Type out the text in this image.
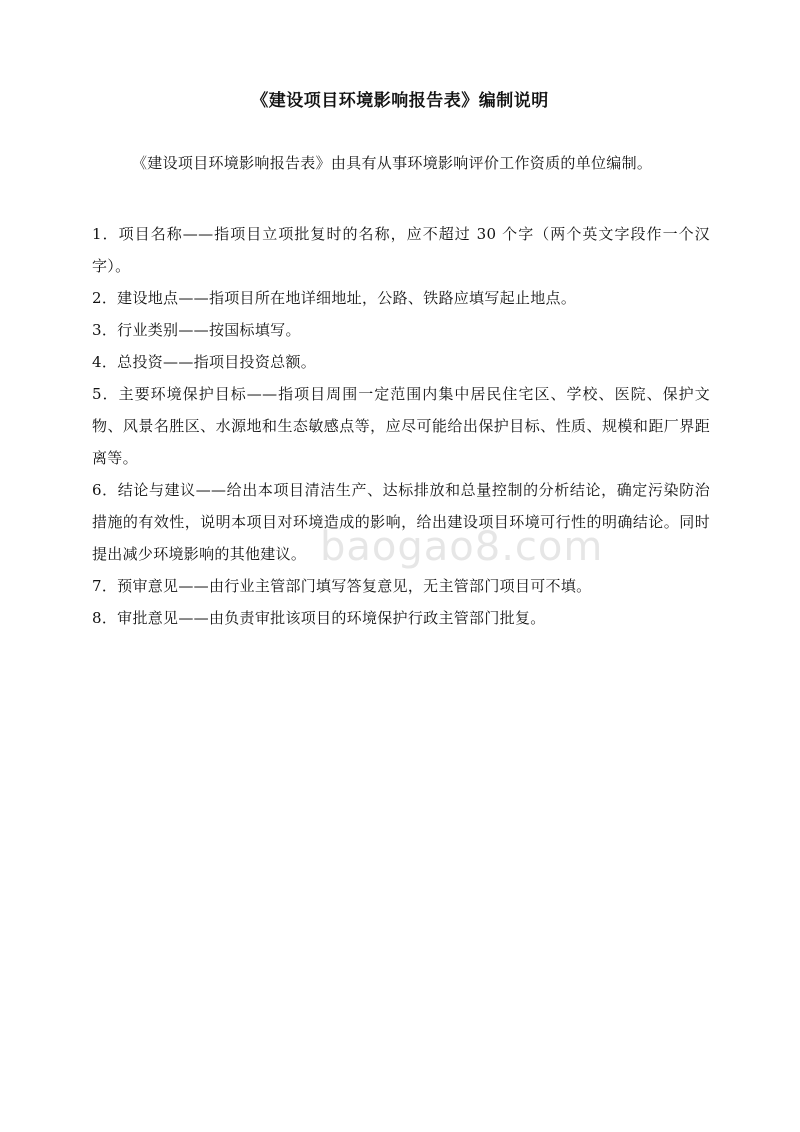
baogao8.com
《建设项目环境影响报告表》编制说明
《建设项目环境影响报告表》由具有从事环境影响评价工作资质的单位编制。
1．项目名称——指项目立项批复时的名称，应不超过 30 个字（两个英文字段作一个汉字）。
2．建设地点——指项目所在地详细地址，公路、铁路应填写起止地点。
3．行业类别——按国标填写。
4．总投资——指项目投资总额。
5．主要环境保护目标——指项目周围一定范围内集中居民住宅区、学校、医院、保护文物、风景名胜区、水源地和生态敏感点等，应尽可能给出保护目标、性质、规模和距厂界距离等。
6．结论与建议——给出本项目清洁生产、达标排放和总量控制的分析结论，确定污染防治措施的有效性，说明本项目对环境造成的影响，给出建设项目环境可行性的明确结论。同时提出减少环境影响的其他建议。
7．预审意见——由行业主管部门填写答复意见，无主管部门项目可不填。
8．审批意见——由负责审批该项目的环境保护行政主管部门批复。
